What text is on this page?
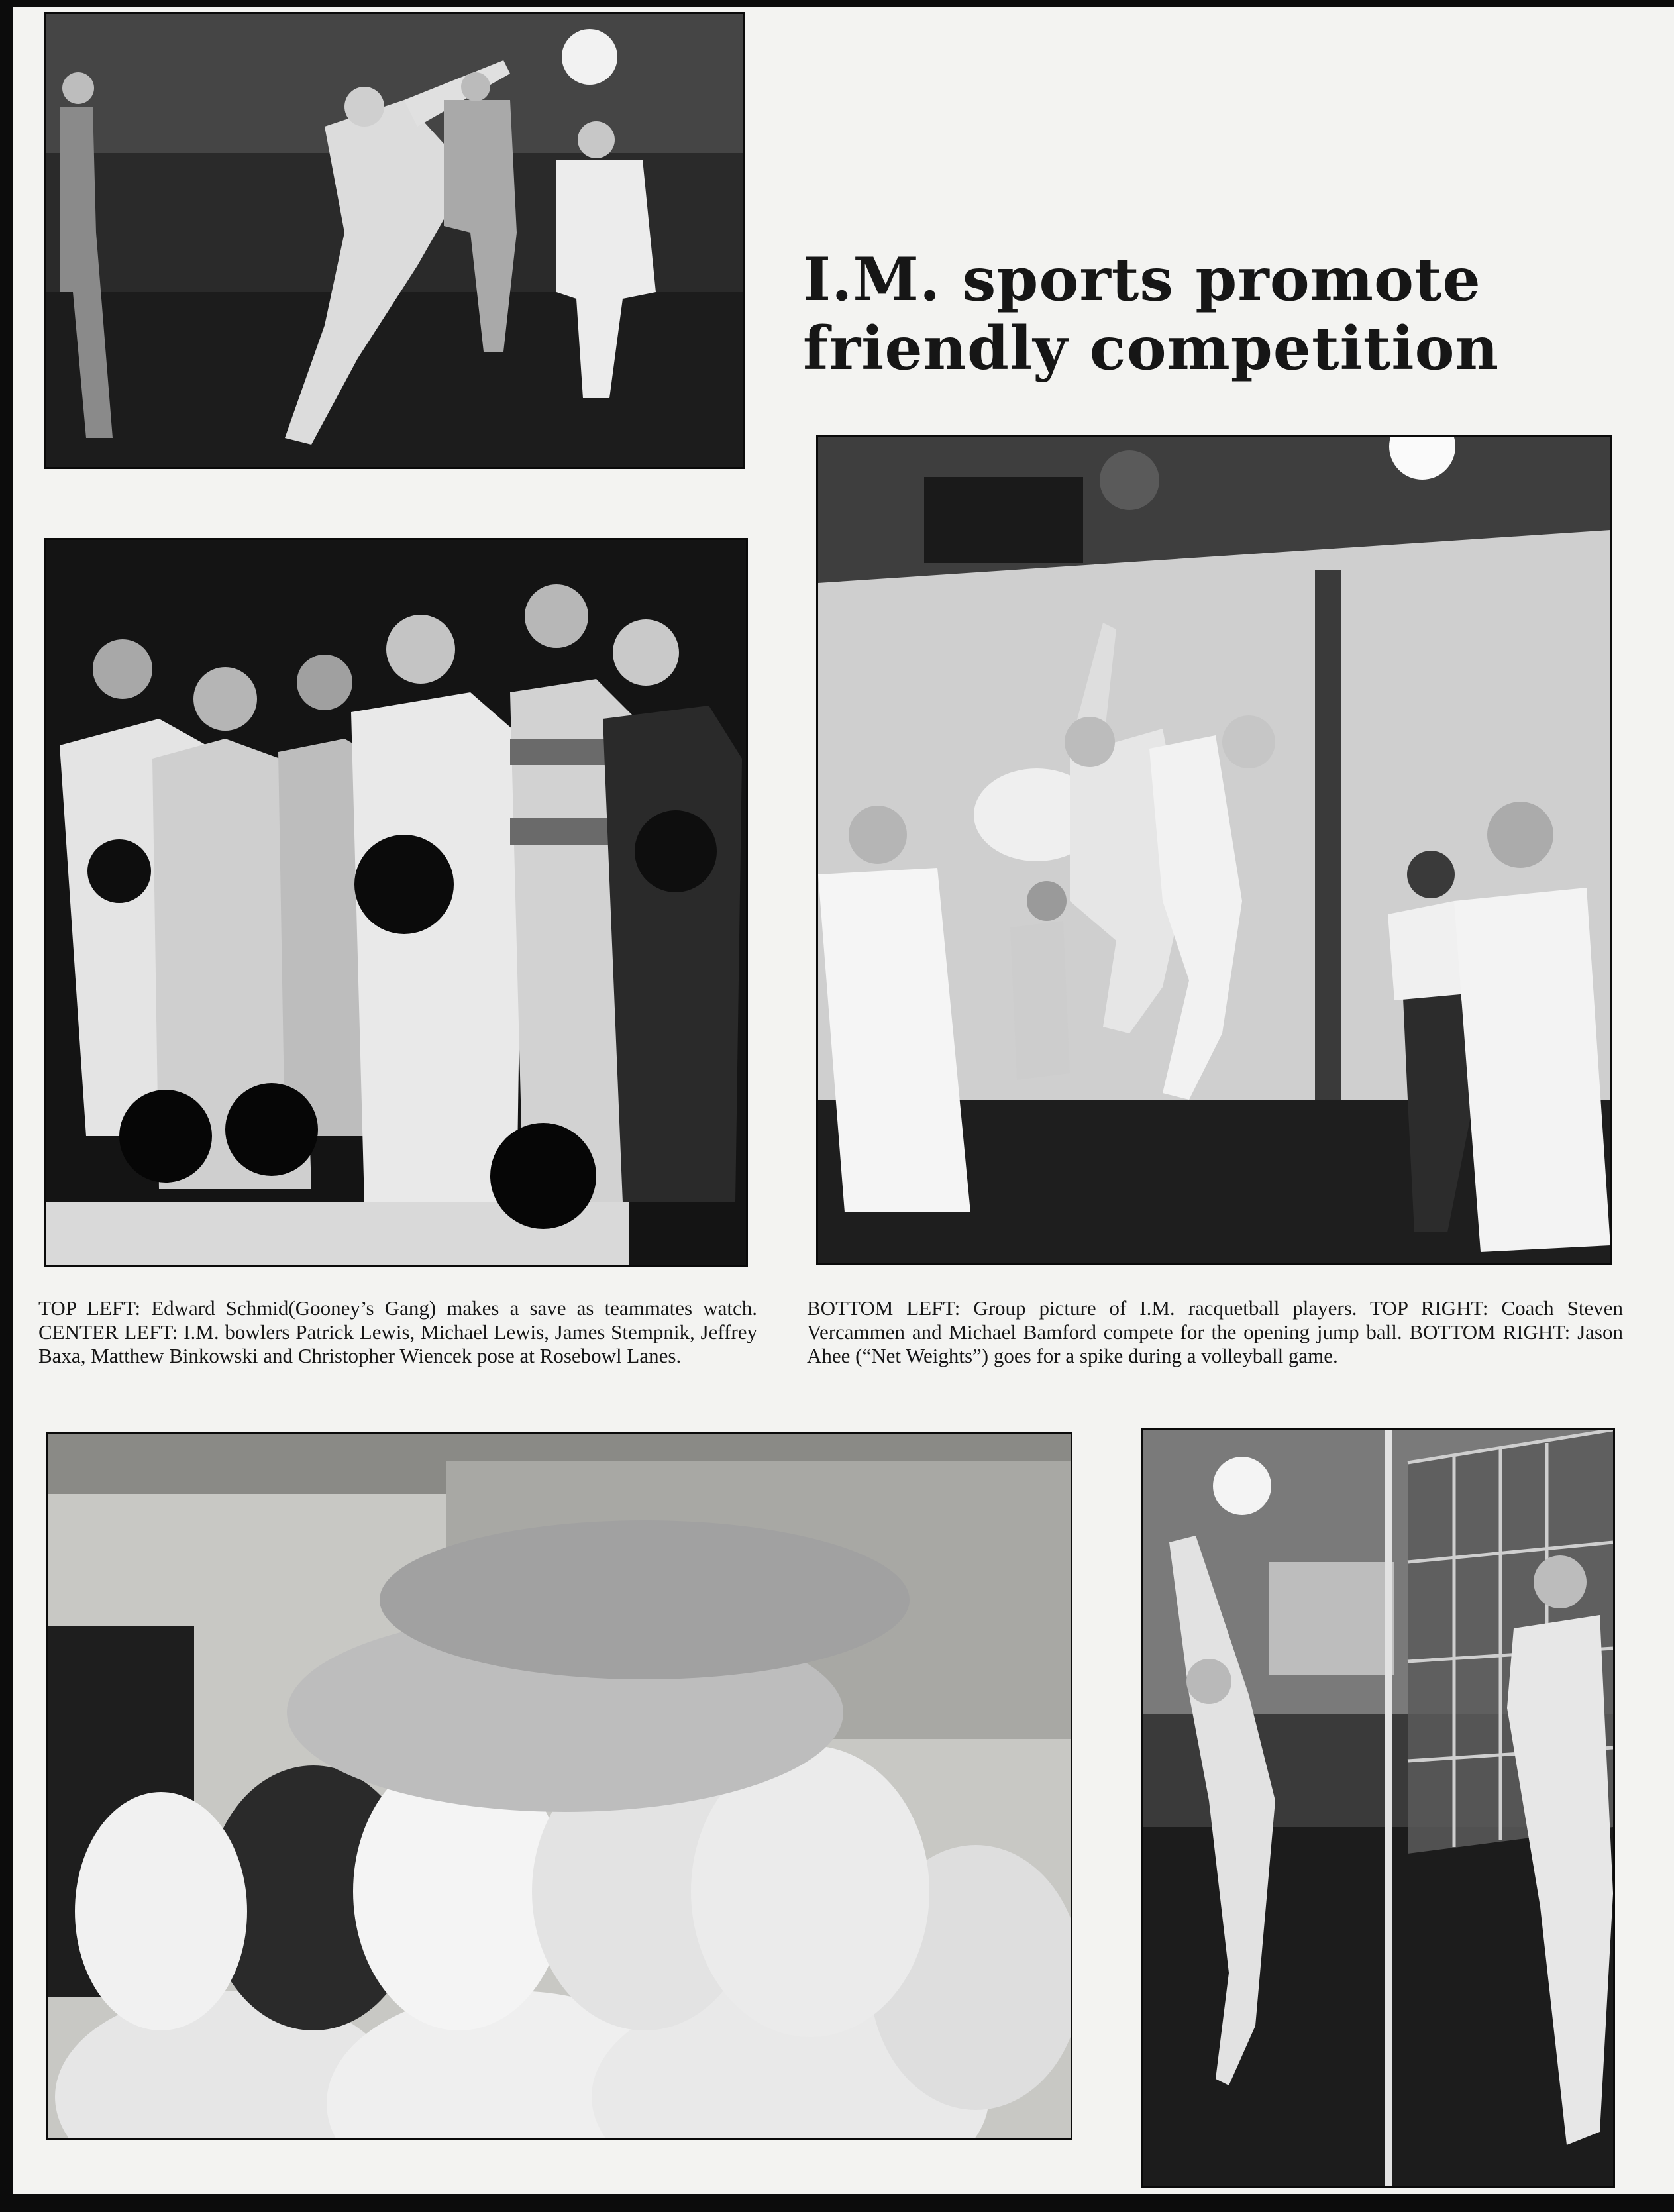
I.M. sports promote
friendly competition

TOP LEFT: Edward Schmid(Gooney’s Gang) makes a save as teammates watch. CENTER LEFT: I.M. bowlers Patrick Lewis, Michael Lewis, James Stempnik, Jeffrey Baxa, Matthew Binkowski and Christopher Wiencek pose at Rosebowl Lanes.

BOTTOM LEFT: Group picture of I.M. racquetball players. TOP RIGHT: Coach Steven Vercammen and Michael Bamford compete for the opening jump ball. BOTTOM RIGHT: Jason Ahee (“Net Weights”) goes for a spike during a volleyball game.
